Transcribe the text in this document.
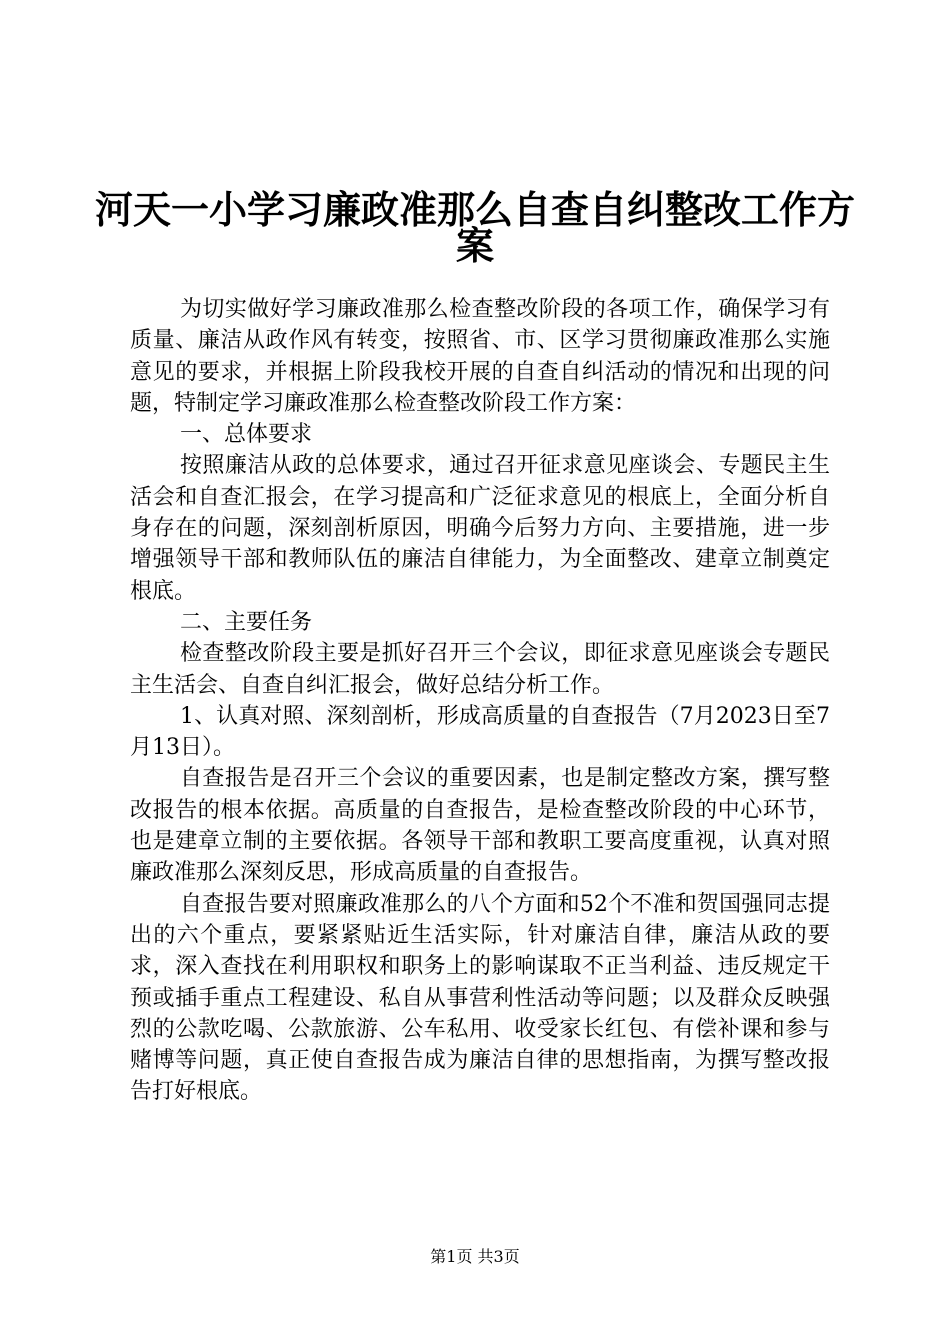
河天一小学习廉政准那么自查自纠整改工作方
案

为切实做好学习廉政准那么检查整改阶段的各项工作，确保学习有质量、廉洁从政作风有转变，按照省、市、区学习贯彻廉政准那么实施意见的要求，并根据上阶段我校开展的自查自纠活动的情况和出现的问题，特制定学习廉政准那么检查整改阶段工作方案：

一、总体要求

按照廉洁从政的总体要求，通过召开征求意见座谈会、专题民主生活会和自查汇报会，在学习提高和广泛征求意见的根底上，全面分析自身存在的问题，深刻剖析原因，明确今后努力方向、主要措施，进一步增强领导干部和教师队伍的廉洁自律能力，为全面整改、建章立制奠定根底。

二、主要任务

检查整改阶段主要是抓好召开三个会议，即征求意见座谈会专题民主生活会、自查自纠汇报会，做好总结分析工作。

1、认真对照、深刻剖析，形成高质量的自查报告（7月2023日至7月13日）。

自查报告是召开三个会议的重要因素，也是制定整改方案，撰写整改报告的根本依据。高质量的自查报告，是检查整改阶段的中心环节，也是建章立制的主要依据。各领导干部和教职工要高度重视，认真对照廉政准那么深刻反思，形成高质量的自查报告。

自查报告要对照廉政准那么的八个方面和52个不准和贺国强同志提出的六个重点，要紧紧贴近生活实际，针对廉洁自律，廉洁从政的要求，深入查找在利用职权和职务上的影响谋取不正当利益、违反规定干预或插手重点工程建设、私自从事营利性活动等问题；以及群众反映强烈的公款吃喝、公款旅游、公车私用、收受家长红包、有偿补课和参与赌博等问题，真正使自查报告成为廉洁自律的思想指南，为撰写整改报告打好根底。

第1页 共3页
